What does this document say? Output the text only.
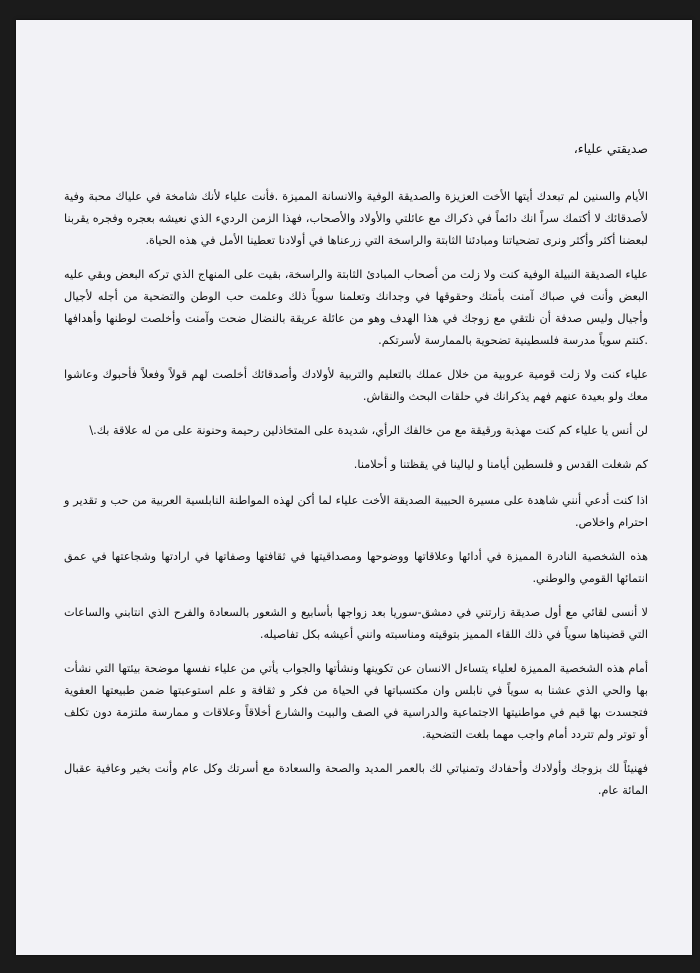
صديقتي علياء،

الأيام والسنين لم تبعدك أيتها الأخت العزيزة والصديقة الوفية والانسانة المميزة .فأنت علياء لأنك شامخة في علياك محبة وفية لأصدقائك لا أكتمك سراً انك دائماً في ذكراك مع عائلتي والأولاد والأصحاب، فهذا الزمن الرديء الذي نعيشه بعجره وفجره يقربنا لبعضنا أكثر وأكثر ونرى تضحياتنا ومبادئنا الثابتة والراسخة التي زرعناها في أولادنا تعطينا الأمل في هذه الحياة.

علياء الصديقة النبيلة الوفية كنت ولا زلت من أصحاب المبادئ الثابتة والراسخة، بقيت على المنهاج الذي تركه البعض وبقي عليه البعض وأنت في صباك آمنت بأمتك وحقوقها في وجدانك وتعلمنا سوياً ذلك وعلمت حب الوطن والتضحية من أجله لأجيال وأجيال وليس صدفة أن نلتقي مع زوجك في هذا الهدف وهو من عائلة عريقة بالنضال ضحت وآمنت وأخلصت لوطنها وأهدافها .كنتم سوياً مدرسة فلسطينية تضحوية بالممارسة لأسرتكم.

علياء كنت ولا زلت قومية عروبية من خلال عملك بالتعليم والتربية لأولادك وأصدقائك أخلصت لهم قولاً وفعلاً فأحبوك وعاشوا معك ولو بعيدة عنهم فهم يذكرانك في حلقات البحث والنقاش.

لن أنس يا علياء كم كنت مهذبة ورقيقة مع من خالفك الرأي، شديدة على المتخاذلين رحيمة وحنونة على من له علاقة بك.\

كم شغلت القدس و فلسطين أيامنا و ليالينا في يقظتنا و أحلامنا.

اذا كنت أدعي أنني شاهدة على مسيرة الحبيبة الصديقة الأخت علياء لما أكن لهذه المواطنة النابلسية العربية من حب و تقدير و احترام واخلاص.

هذه الشخصية النادرة المميزة في أدائها وعلاقاتها ووضوحها ومصداقيتها في ثقافتها وصفاتها في ارادتها وشجاعتها في عمق انتمائها القومي والوطني.

لا أنسى لقائي مع أول صديقة زارتني في دمشق-سوريا بعد زواجها بأسابيع و الشعور بالسعادة والفرح الذي انتابني والساعات التي قضيناها سوياً في ذلك اللقاء المميز بتوقيته ومناسبته وانني أعيشه بكل تفاصيله.

أمام هذه الشخصية المميزة لعلياء يتساءل الانسان عن تكوينها ونشأتها والجواب يأتي من علياء نفسها موضحة بيئتها التي نشأت بها والحي الذي عشنا به سوياً في نابلس وان مكتسباتها في الحياة من فكر و ثقافة و علم استوعبتها ضمن طبيعتها العفوية فتجسدت بها قيم في مواطنيتها الاجتماعية والدراسية في الصف والبيت والشارع أخلاقاً وعلاقات و ممارسة ملتزمة دون تكلف أو توتر ولم تتردد أمام واجب مهما بلغت التضحية.

فهنيئاً لك بزوجك وأولادك وأحفادك وتمنياتي لك بالعمر المديد والصحة والسعادة مع أسرتك وكل عام وأنت بخير وعافية عقبال المائة عام.
